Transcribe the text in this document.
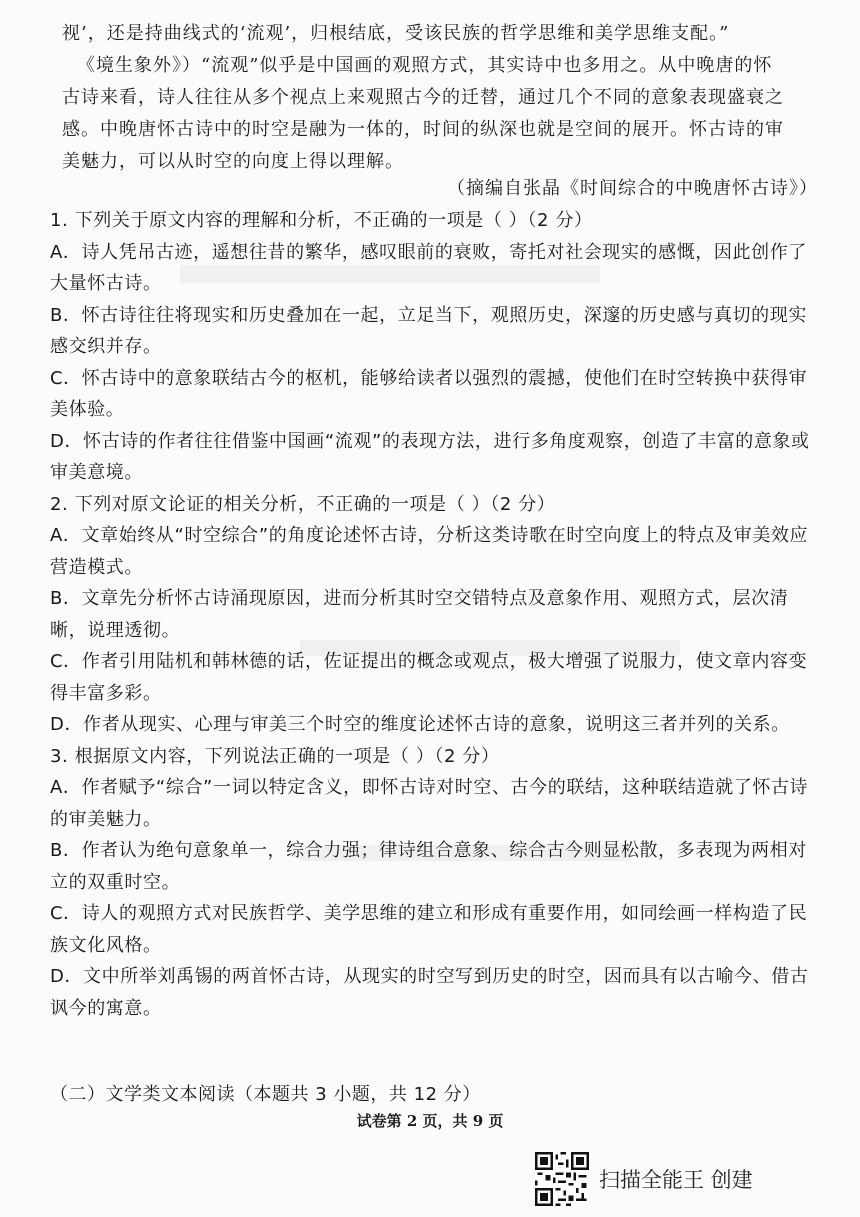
视’，还是持曲线式的‘流观’，归根结底，受该民族的哲学思维和美学思维支配。”

《境生象外》）“流观”似乎是中国画的观照方式，其实诗中也多用之。从中晚唐的怀

古诗来看，诗人往往从多个视点上来观照古今的迁替，通过几个不同的意象表现盛衰之

感。中晚唐怀古诗中的时空是融为一体的，时间的纵深也就是空间的展开。怀古诗的审

美魅力，可以从时空的向度上得以理解。

（摘编自张晶《时间综合的中晚唐怀古诗》）

1. 下列关于原文内容的理解和分析，不正确的一项是（ ）（2 分）

A．诗人凭吊古迹，遥想往昔的繁华，感叹眼前的衰败，寄托对社会现实的感慨，因此创作了大量怀古诗。

B．怀古诗往往将现实和历史叠加在一起，立足当下，观照历史，深邃的历史感与真切的现实感交织并存。

C．怀古诗中的意象联结古今的枢机，能够给读者以强烈的震撼，使他们在时空转换中获得审美体验。

D．怀古诗的作者往往借鉴中国画“流观”的表现方法，进行多角度观察，创造了丰富的意象或审美意境。

2. 下列对原文论证的相关分析，不正确的一项是（ ）（2 分）

A．文章始终从“时空综合”的角度论述怀古诗，分析这类诗歌在时空向度上的特点及审美效应营造模式。

B．文章先分析怀古诗涌现原因，进而分析其时空交错特点及意象作用、观照方式，层次清晰，说理透彻。

C．作者引用陆机和韩林德的话，佐证提出的概念或观点，极大增强了说服力，使文章内容变得丰富多彩。

D．作者从现实、心理与审美三个时空的维度论述怀古诗的意象，说明这三者并列的关系。

3. 根据原文内容，下列说法正确的一项是（ ）（2 分）

A．作者赋予“综合”一词以特定含义，即怀古诗对时空、古今的联结，这种联结造就了怀古诗的审美魅力。

B．作者认为绝句意象单一，综合力强；律诗组合意象、综合古今则显松散，多表现为两相对立的双重时空。

C．诗人的观照方式对民族哲学、美学思维的建立和形成有重要作用，如同绘画一样构造了民族文化风格。

D．文中所举刘禹锡的两首怀古诗，从现实的时空写到历史的时空，因而具有以古喻今、借古讽今的寓意。

（二）文学类文本阅读（本题共 3 小题，共 12 分）
试卷第 2 页，共 9 页
扫描全能王 创建
